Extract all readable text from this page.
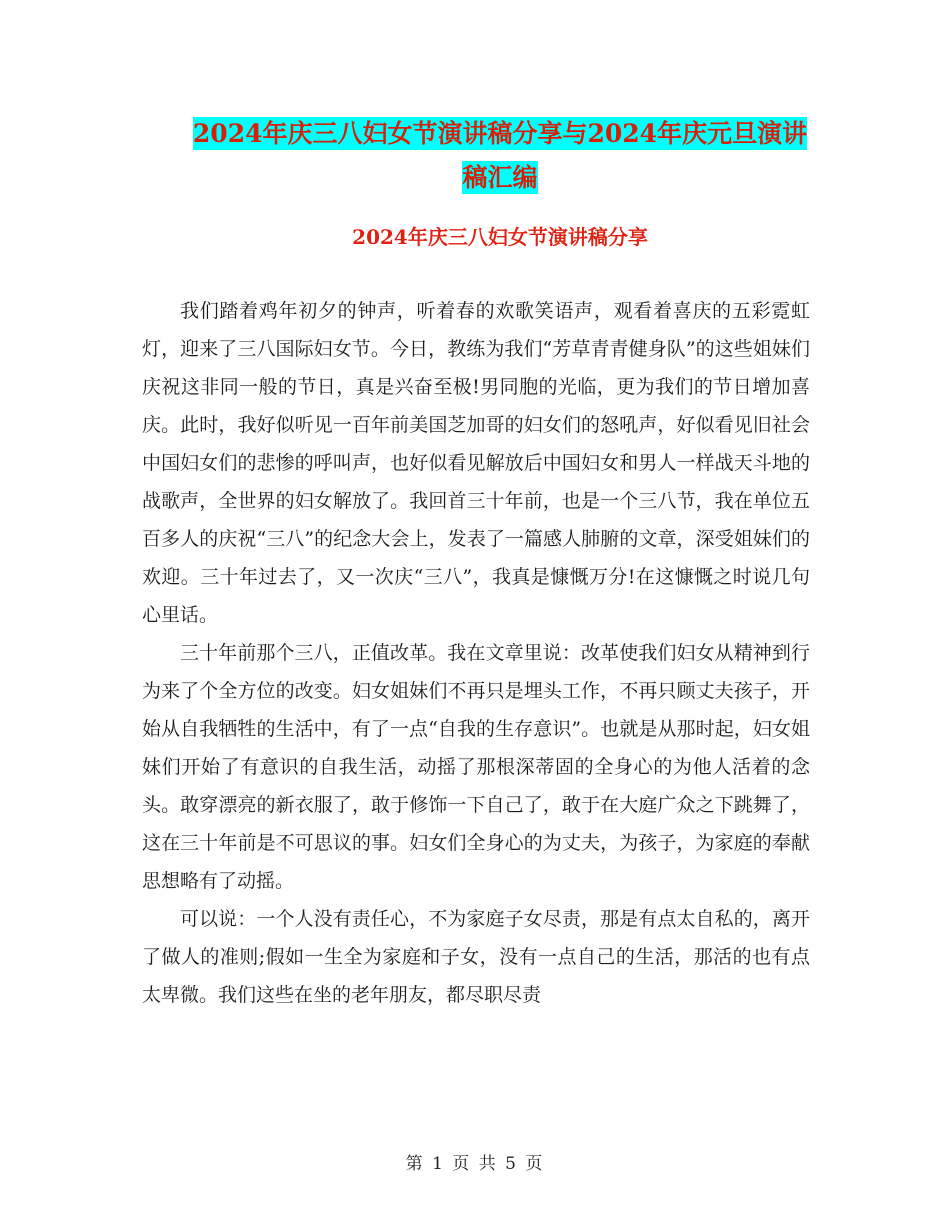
2024年庆三八妇女节演讲稿分享与2024年庆元旦演讲
稿汇编
2024年庆三八妇女节演讲稿分享

我们踏着鸡年初夕的钟声，听着春的欢歌笑语声，观看着喜庆的五彩霓虹灯，迎来了三八国际妇女节。今日，教练为我们“芳草青青健身队”的这些姐妹们庆祝这非同一般的节日，真是兴奋至极!男同胞的光临，更为我们的节日增加喜庆。此时，我好似听见一百年前美国芝加哥的妇女们的怒吼声，好似看见旧社会中国妇女们的悲惨的呼叫声，也好似看见解放后中国妇女和男人一样战天斗地的战歌声，全世界的妇女解放了。我回首三十年前，也是一个三八节，我在单位五百多人的庆祝“三八”的纪念大会上，发表了一篇感人肺腑的文章，深受姐妹们的欢迎。三十年过去了，又一次庆“三八”，我真是慷慨万分!在这慷慨之时说几句心里话。

三十年前那个三八，正值改革。我在文章里说：改革使我们妇女从精神到行为来了个全方位的改变。妇女姐妹们不再只是埋头工作，不再只顾丈夫孩子，开始从自我牺牲的生活中，有了一点“自我的生存意识”。也就是从那时起，妇女姐妹们开始了有意识的自我生活，动摇了那根深蒂固的全身心的为他人活着的念头。敢穿漂亮的新衣服了，敢于修饰一下自己了，敢于在大庭广众之下跳舞了，这在三十年前是不可思议的事。妇女们全身心的为丈夫，为孩子，为家庭的奉献思想略有了动摇。

可以说：一个人没有责任心，不为家庭子女尽责，那是有点太自私的，离开了做人的准则;假如一生全为家庭和子女，没有一点自己的生活，那活的也有点太卑微。我们这些在坐的老年朋友，都尽职尽责

第 1 页 共 5 页
